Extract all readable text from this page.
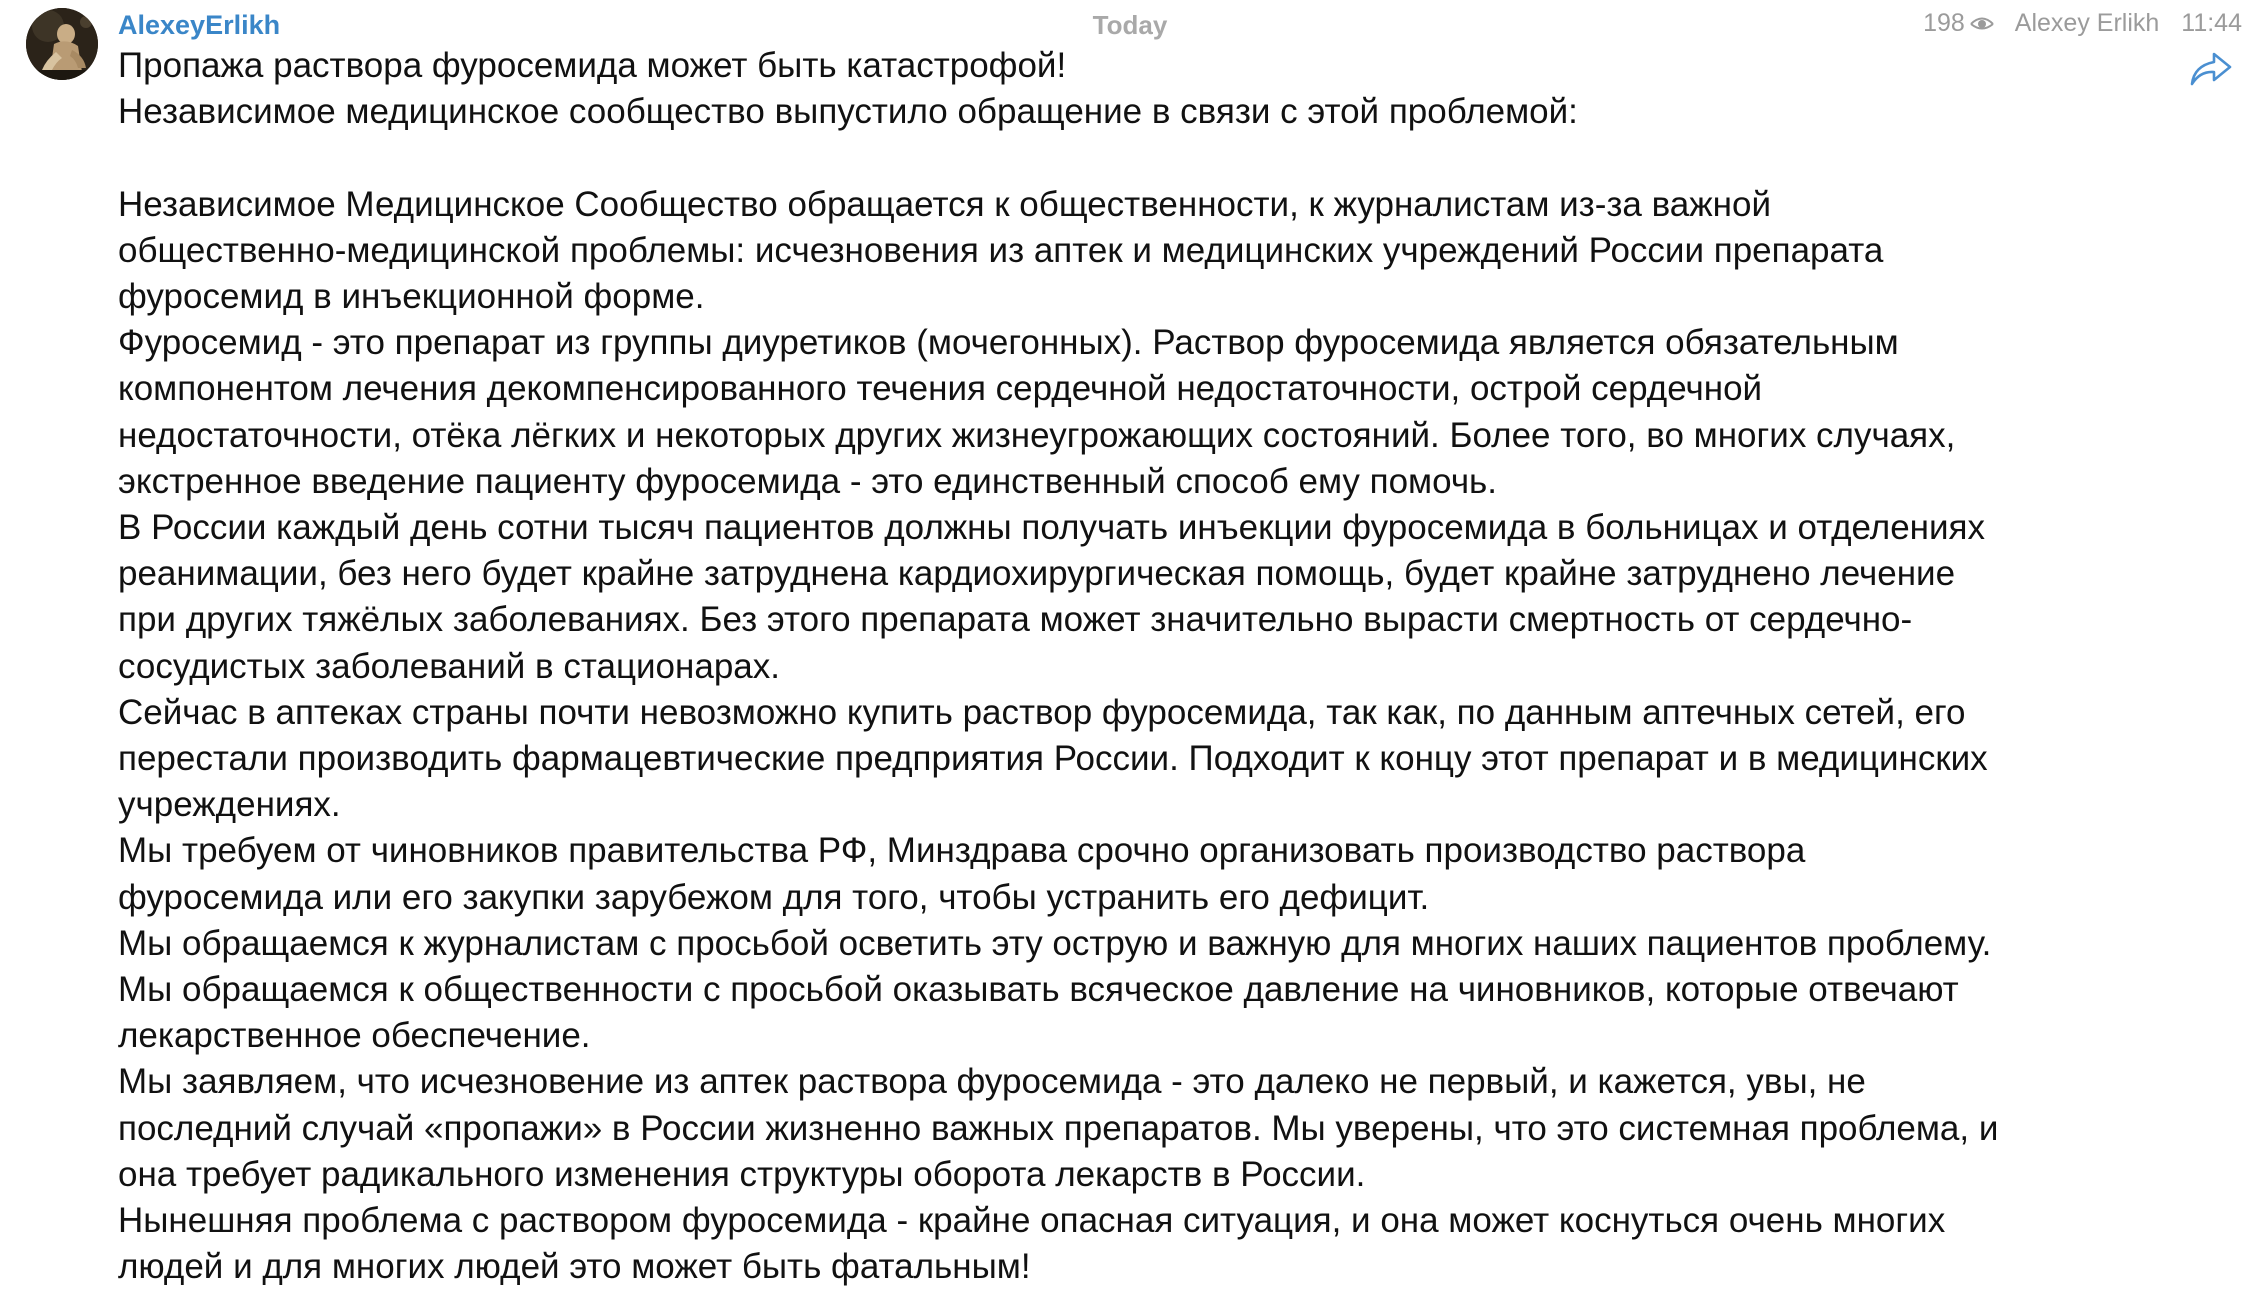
AlexeyErlikh	Today	198 Alexey Erlikh 11:44

Пропажа раствора фуросемида может быть катастрофой!

Независимое медицинское сообщество выпустило обращение в связи с этой проблемой:

Независимое Медицинское Сообщество обращается к общественности, к журналистам из-за важной

общественно-медицинской проблемы: исчезновения из аптек и медицинских учреждений России препарата

фуросемид в инъекционной форме.

Фуросемид - это препарат из группы диуретиков (мочегонных). Раствор фуросемида является обязательным

компонентом лечения декомпенсированного течения сердечной недостаточности, острой сердечной

недостаточности, отёка лёгких и некоторых других жизнеугрожающих состояний. Более того, во многих случаях,

экстренное введение пациенту фуросемида - это единственный способ ему помочь.

В России каждый день сотни тысяч пациентов должны получать инъекции фуросемида в больницах и отделениях

реанимации, без него будет крайне затруднена кардиохирургическая помощь, будет крайне затруднено лечение

при других тяжёлых заболеваниях. Без этого препарата может значительно вырасти смертность от сердечно-

сосудистых заболеваний в стационарах.

Сейчас в аптеках страны почти невозможно купить раствор фуросемида, так как, по данным аптечных сетей, его

перестали производить фармацевтические предприятия России. Подходит к концу этот препарат и в медицинских

учреждениях.

Мы требуем от чиновников правительства РФ, Минздрава срочно организовать производство раствора

фуросемида или его закупки зарубежом для того, чтобы устранить его дефицит.

Мы обращаемся к журналистам с просьбой осветить эту острую и важную для многих наших пациентов проблему.

Мы обращаемся к общественности с просьбой оказывать всяческое давление на чиновников, которые отвечают

лекарственное обеспечение.

Мы заявляем, что исчезновение из аптек раствора фуросемида - это далеко не первый, и кажется, увы, не

последний случай «пропажи» в России жизненно важных препаратов. Мы уверены, что это системная проблема, и

она требует радикального изменения структуры оборота лекарств в России.

Нынешняя проблема с раствором фуросемида - крайне опасная ситуация, и она может коснуться очень многих

людей и для многих людей это может быть фатальным!
